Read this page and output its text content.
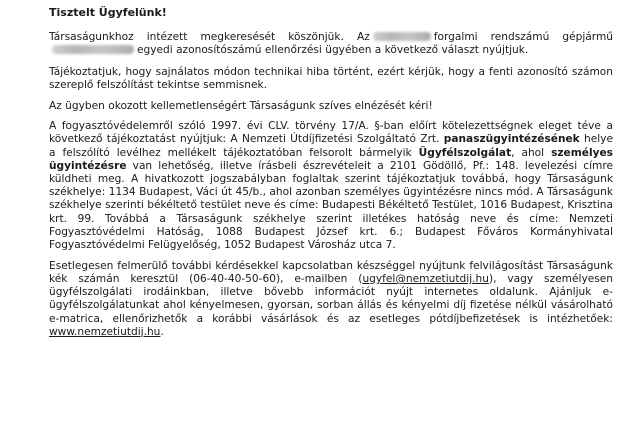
Tisztelt Ügyfelünk!

Társaságunkhoz intézett megkeresését köszönjük. Az	forgalmi rendszámú gépjárműegyedi azonosítószámú ellenőrzési ügyében a következő választ nyújtjuk.

Tájékoztatjuk, hogy sajnálatos módon technikai hiba történt, ezért kérjük, hogy a fenti azonosító számon szereplő felszólítást tekintse semmisnek.

Az ügyben okozott kellemetlenségért Társaságunk szíves elnézését kéri!

A fogyasztóvédelemről szóló 1997. évi CLV. törvény 17/A. §-ban előírt kötelezettségnek eleget téve a következő tájékoztatást nyújtjuk: A Nemzeti Útdíjfizetési Szolgáltató Zrt. panaszügyintézésének helye a felszólító levélhez mellékelt tájékoztatóban felsorolt bármelyik Ügyfélszolgálat, ahol személyes ügyintézésre van lehetőség, illetve írásbeli észrevételeit a 2101 Gödöllő, Pf.: 148. levelezési címre küldheti meg. A hivatkozott jogszabályban foglaltak szerint tájékoztatjuk továbbá, hogy Társaságunk székhelye: 1134 Budapest, Váci út 45/b., ahol azonban személyes ügyintézésre nincs mód. A Társaságunk székhelye szerinti békéltető testület neve és címe: Budapesti Békéltető Testület, 1016 Budapest, Krisztina krt. 99. Továbbá a Társaságunk székhelye szerint illetékes hatóság neve és címe: Nemzeti Fogyasztóvédelmi Hatóság, 1088 Budapest József krt. 6.; Budapest Főváros Kormányhivatal Fogyasztóvédelmi Felügyelőség, 1052 Budapest Városház utca 7.

Esetlegesen felmerülő további kérdésekkel kapcsolatban készséggel nyújtunk felvilágosítást Társaságunk kék számán keresztül (06-40-40-50-60), e-mailben (ugyfel@nemzetiutdij.hu), vagy személyesen ügyfélszolgálati irodáinkban, illetve bővebb információt nyújt internetes oldalunk. Ajánljuk e-ügyfélszolgálatunkat ahol kényelmesen, gyorsan, sorban állás és kényelmi díj fizetése nélkül vásárolható e-matrica, ellenőrizhetők a korábbi vásárlások és az esetleges pótdíjbefizetések is intézhetőek: www.nemzetiutdij.hu.
